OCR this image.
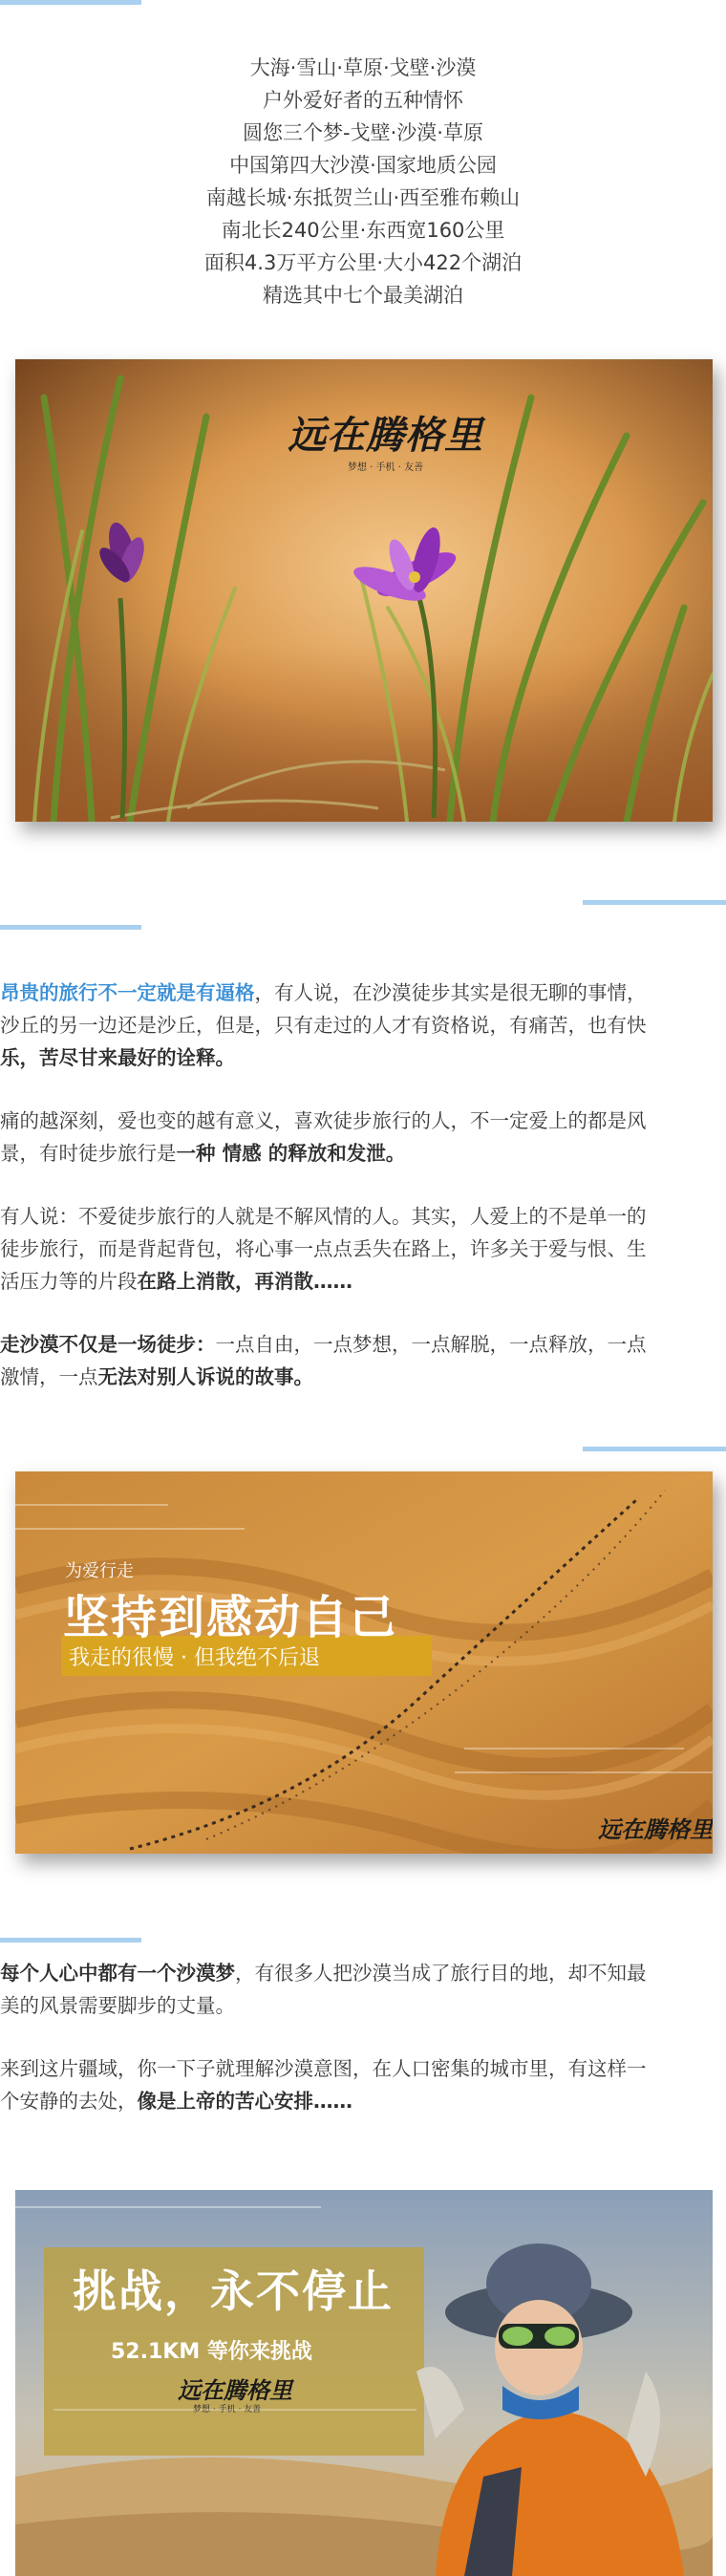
大海·雪山·草原·戈壁·沙漠
户外爱好者的五种情怀
圆您三个梦-戈壁·沙漠·草原
中国第四大沙漠·国家地质公园
南越长城·东抵贺兰山·西至雅布赖山
南北长240公里·东西宽160公里
面积4.3万平方公里·大小422个湖泊
精选其中七个最美湖泊
远在腾格里
梦想 · 手机 · 友善

昂贵的旅行不一定就是有逼格，有人说，在沙漠徒步其实是很无聊的事情，

沙丘的另一边还是沙丘，但是，只有走过的人才有资格说，有痛苦，也有快

乐，苦尽甘来最好的诠释。

痛的越深刻，爱也变的越有意义，喜欢徒步旅行的人，不一定爱上的都是风

景，有时徒步旅行是一种 情感 的释放和发泄。

有人说：不爱徒步旅行的人就是不解风情的人。其实，人爱上的不是单一的

徒步旅行，而是背起背包，将心事一点点丢失在路上，许多关于爱与恨、生

活压力等的片段在路上消散，再消散……

走沙漠不仅是一场徒步：一点自由，一点梦想，一点解脱，一点释放，一点

激情，一点无法对别人诉说的故事。

为爱行走
坚持到感动自己
我走的很慢 · 但我绝不后退
远在腾格里

每个人心中都有一个沙漠梦，有很多人把沙漠当成了旅行目的地，却不知最

美的风景需要脚步的丈量。

来到这片疆域，你一下子就理解沙漠意图，在人口密集的城市里，有这样一

个安静的去处，像是上帝的苦心安排……

挑战，永不停止
52.1KM 等你来挑战
远在腾格里
梦想 · 手机 · 友善
